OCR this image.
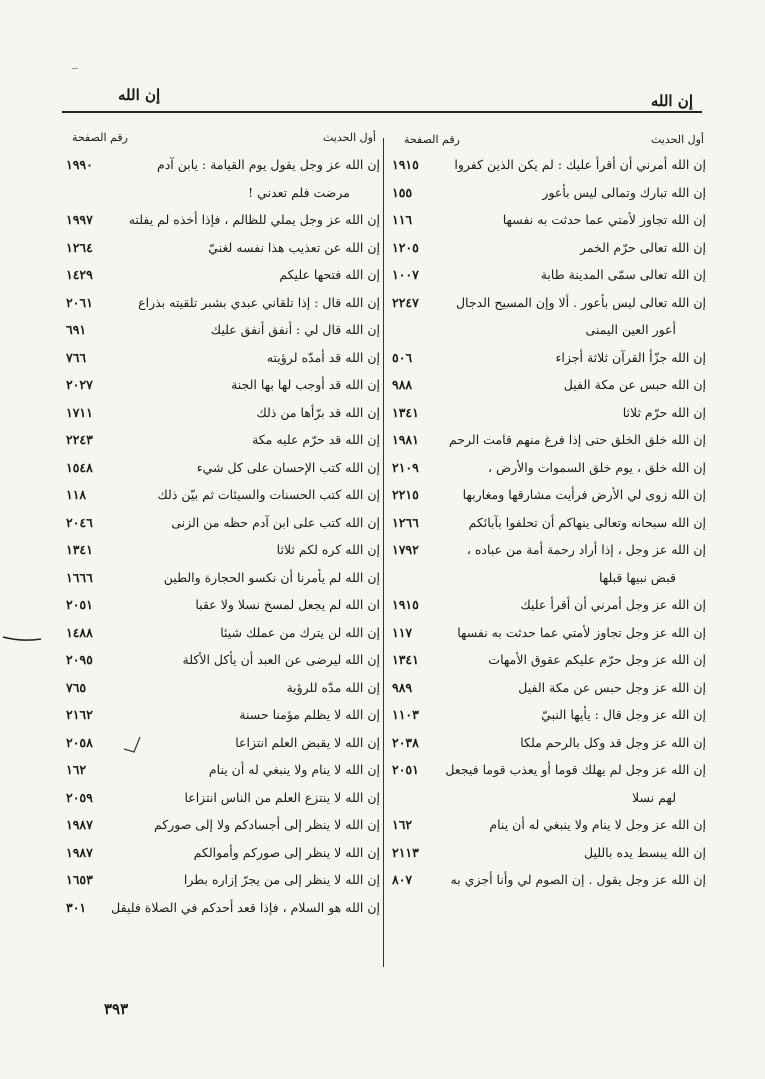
إن الله
إن الله
أول الحديث
رقم الصفحة
إن الله أمرني أن أقرأ عليك : لم يكن الذين كفروا
١٩١٥
إن الله تبارك وتمالى ليس بأعور
١٥٥
إن الله تجاوز لأمتي عما حدثت به نفسها
١١٦
إن الله تعالى حرّم الخمر
١٢٠٥
إن الله تعالى سمّى المدينة طابة
١٠٠٧
إن الله تعالى ليس بأعور . ألا وإن المسيح الدجال
٢٢٤٧
أعور العين اليمنى
إن الله جزّأ القرآن ثلاثة أجزاء
٥٠٦
إن الله حبس عن مكة الفيل
٩٨٨
إن الله حرّم ثلاثا
١٣٤١
إن الله خلق الخلق حتى إذا فرغ منهم قامت الرحم
١٩٨١
إن الله خلق ، يوم خلق السموات والأرض ،
٢١٠٩
إن الله زوى لي الأرض فرأيت مشارقها ومغاربها
٢٢١٥
إن الله سبحانه وتعالى ينهاكم أن تحلفوا بآبائكم
١٢٦٦
إن الله عز وجل ، إذا أراد رحمة أمة من عباده ،
١٧٩٢
قبض نبيها قبلها
إن الله عز وجل أمرني أن أقرأ عليك
١٩١٥
إن الله عز وجل تجاوز لأمتي عما حدثت به نفسها
١١٧
إن الله عز وجل حرّم عليكم عقوق الأمهات
١٣٤١
إن الله عز وجل حبس عن مكة الفيل
٩٨٩
إن الله عز وجل قال : يأيها النبيّ
١١٠٣
إن الله عز وجل قد وكل بالرحم ملكا
٢٠٣٨
إن الله عز وجل لم يهلك قوما أو يعذب قوما فيجعل
٢٠٥١
لهم نسلا
إن الله عز وجل لا ينام ولا ينبغي له أن ينام
١٦٢
إن الله يبسط يده بالليل
٢١١٣
إن الله عز وجل يقول . إن الصوم لي وأنا أجزي به
٨٠٧
أول الحديث
رقم الصفحة
إن الله عز وجل يقول يوم القيامة : يابن آدم
١٩٩٠
مرضت فلم تعدني !
إن الله عز وجل يملي للظالم ، فإذا أخذه لم يفلته
١٩٩٧
إن الله عن تعذيب هذا نفسه لغنيّ
١٢٦٤
إن الله فتحها عليكم
١٤٢٩
إن الله قال : إذا تلقاني عبدي بشبر تلقيته بذراع
٢٠٦١
إن الله قال لي : أنفق أنفق عليك
٦٩١
إن الله قد أمدّه لرؤيته
٧٦٦
إن الله قد أوجب لها بها الجنة
٢٠٢٧
إن الله قد برّأها من ذلك
١٧١١
إن الله قد حرّم عليه مكة
٢٢٤٣
إن الله كتب الإحسان على كل شيء
١٥٤٨
إن الله كتب الحسنات والسيئات ثم بيّن ذلك
١١٨
إن الله كتب على ابن آدم حظه من الزنى
٢٠٤٦
إن الله كره لكم ثلاثا
١٣٤١
إن الله لم يأمرنا أن نكسو الحجارة والطين
١٦٦٦
ان الله لم يجعل لمسخ نسلا ولا عقبا
٢٠٥١
إن الله لن يترك من عملك شيئا
١٤٨٨
إن الله ليرضى عن العبد أن يأكل الأكلة
٢٠٩٥
إن الله مدّه للرؤية
٧٦٥
إن الله لا يظلم مؤمنا حسنة
٢١٦٢
إن الله لا يقبض العلم انتزاعا
٢٠٥٨
إن الله لا ينام ولا ينبغي له أن ينام
١٦٢
إن الله لا ينتزع العلم من الناس انتزاعا
٢٠٥٩
إن الله لا ينظر إلى أجسادكم ولا إلى صوركم
١٩٨٧
إن الله لا ينظر إلى صوركم وأموالكم
١٩٨٧
إن الله لا ينظر إلى من يجرّ إزاره بطرا
١٦٥٣
إن الله هو السلام ، فإذا قعد أحدكم في الصلاة فليقل
٣٠١
٣٩٣
